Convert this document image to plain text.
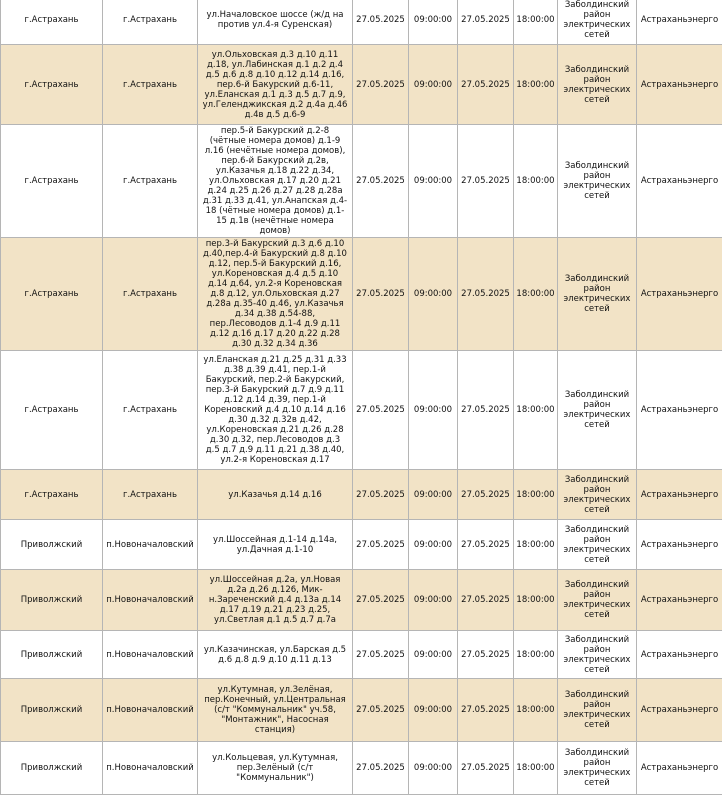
г.Астрахань	г.Астрахань	ул.Началовское шоссе (ж/д на против ул.4-я Суренская)	27.05.2025	09:00:00	27.05.2025	18:00:00	Заболдинский район электрических сетей	Астраханьэнерго
г.Астрахань	г.Астрахань	ул.Ольховская д.3 д.10 д.11 д.18, ул.Лабинская д.1 д.2 д.4 д.5 д.6 д.8 д.10 д.12 д.14 д.16, пер.6-й Бакурский д.6-11, ул.Еланская д.1 д.3 д.5 д.7 д.9, ул.Геленджикская д.2 д.4а д.46 д.4в д.5 д.6-9	27.05.2025	09:00:00	27.05.2025	18:00:00	Заболдинский район электрических сетей	Астраханьэнерго
г.Астрахань	г.Астрахань	пер.5-й Бакурский д.2-8 (чётные номера домов) д.1-9 л.16 (нечётные номера домов), пер.6-й Бакурский д.2в, ул.Казачья д.18 д.22 д.34, ул.Ольховская д.17 д.20 д.21 д.24 д.25 д.26 д.27 д.28 д.28а д.31 д.33 д.41, ул.Анапская д.4-18 (чётные номера домов) д.1-15 д.1в (нечётные номера домов)	27.05.2025	09:00:00	27.05.2025	18:00:00	Заболдинский район электрических сетей	Астраханьэнерго
г.Астрахань	г.Астрахань	пер.3-й Бакурский д.3 д.6 д.10 д.40,пер.4-й Бакурский д.8 д.10 д.12, пер.5-й Бакурский д.16, ул.Кореновская д.4 д.5 д.10 д.14 д.64, ул.2-я Кореновская д.8 д.12, ул.Ольховская д.27 д.28а д.35-40 д.46, ул.Казачья д.34 д.38 д.54-88, пер.Лесоводов д.1-4 д.9 д.11 д.12 д.16 д.17 д.20 д.22 д.28 д.30 д.32 д.34 д.36	27.05.2025	09:00:00	27.05.2025	18:00:00	Заболдинский район электрических сетей	Астраханьэнерго
г.Астрахань	г.Астрахань	ул.Еланская д.21 д.25 д.31 д.33 д.38 д.39 д.41, пер.1-й Бакурский, пер.2-й Бакурский, пер.3-й Бакурский д.7 д.9 д.11 д.12 д.14 д.39, пер.1-й Кореновский д.4 д.10 д.14 д.16 д.30 д.32 д.32в д.42, ул.Кореновская д.21 д.26 д.28 д.30 д.32, пер.Лесоводов д.3 д.5 д.7 д.9 д.11 д.21 д.38 д.40, ул.2-я Кореновская д.17	27.05.2025	09:00:00	27.05.2025	18:00:00	Заболдинский район электрических сетей	Астраханьэнерго
г.Астрахань	г.Астрахань	ул.Казачья д.14 д.16	27.05.2025	09:00:00	27.05.2025	18:00:00	Заболдинский район электрических сетей	Астраханьэнерго
Приволжский	п.Новоначаловский	ул.Шоссейная д.1-14 д.14а, ул.Дачная д.1-10	27.05.2025	09:00:00	27.05.2025	18:00:00	Заболдинский район электрических сетей	Астраханьэнерго
Приволжский	п.Новоначаловский	ул.Шоссейная д.2а, ул.Новая д.2а д.26 д.126, Мик-н.Зареченский д.4 д.13а д.14 д.17 д.19 д.21 д.23 д.25, ул.Светлая д.1 д.5 д.7 д.7а	27.05.2025	09:00:00	27.05.2025	18:00:00	Заболдинский район электрических сетей	Астраханьэнерго
Приволжский	п.Новоначаловский	ул.Казачинская, ул.Барская д.5 д.6 д.8 д.9 д.10 д.11 д.13	27.05.2025	09:00:00	27.05.2025	18:00:00	Заболдинский район электрических сетей	Астраханьэнерго
Приволжский	п.Новоначаловский	ул.Кутумная, ул.Зелёная, пер.Конечный, ул.Центральная (с/т "Коммунальник" уч.58, "Монтажник", Насосная станция)	27.05.2025	09:00:00	27.05.2025	18:00:00	Заболдинский район электрических сетей	Астраханьэнерго
Приволжский	п.Новоначаловский	ул.Кольцевая, ул.Кутумная, пер.Зелёный (с/т "Коммунальник")	27.05.2025	09:00:00	27.05.2025	18:00:00	Заболдинский район электрических сетей	Астраханьэнерго
